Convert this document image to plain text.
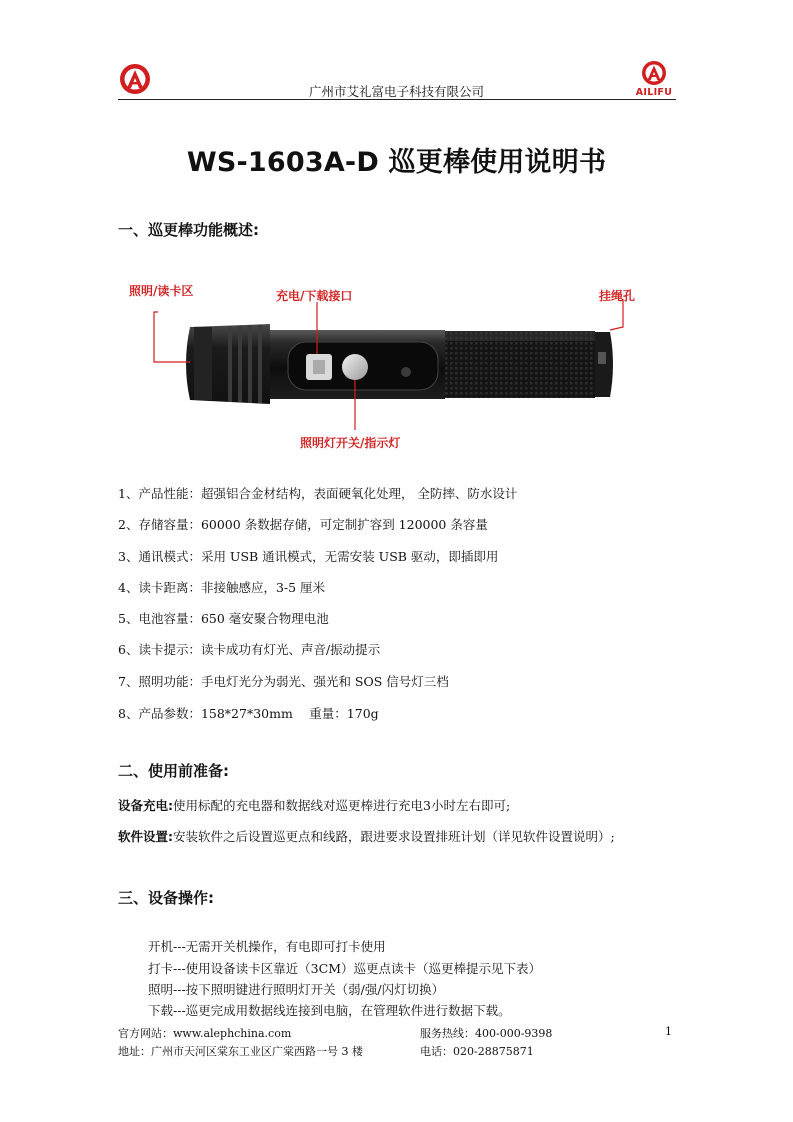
AILIFU
广州市艾礼富电子科技有限公司
WS-1603A-D 巡更棒使用说明书
一、巡更棒功能概述:
照明/读卡区	充电/下载接口	挂绳孔
照明灯开关/指示灯
1、产品性能：超强铝合金材结构，表面硬氧化处理， 全防摔、防水设计
2、存储容量：60000 条数据存储，可定制扩容到 120000 条容量
3、通讯模式：采用 USB 通讯模式，无需安装 USB 驱动，即插即用
4、读卡距离：非接触感应，3-5 厘米
5、电池容量：650 毫安聚合物理电池
6、读卡提示：读卡成功有灯光、声音/振动提示
7、照明功能：手电灯光分为弱光、强光和 SOS 信号灯三档
8、产品参数：158*27*30mm　 重量：170g
二、使用前准备:
设备充电:使用标配的充电器和数据线对巡更棒进行充电3小时左右即可;
软件设置:安装软件之后设置巡更点和线路，跟进要求设置排班计划（详见软件设置说明）;
三、设备操作:
开机---无需开关机操作，有电即可打卡使用
打卡---使用设备读卡区靠近（3CM）巡更点读卡（巡更棒提示见下表）
照明---按下照明键进行照明灯开关（弱/强/闪灯切换）
下载---巡更完成用数据线连接到电脑，在管理软件进行数据下载。
官方网站：www.alephchina.com
地址：广州市天河区棠东工业区广棠西路一号 3 楼
服务热线：400-000-9398
电话：020-28875871
1
